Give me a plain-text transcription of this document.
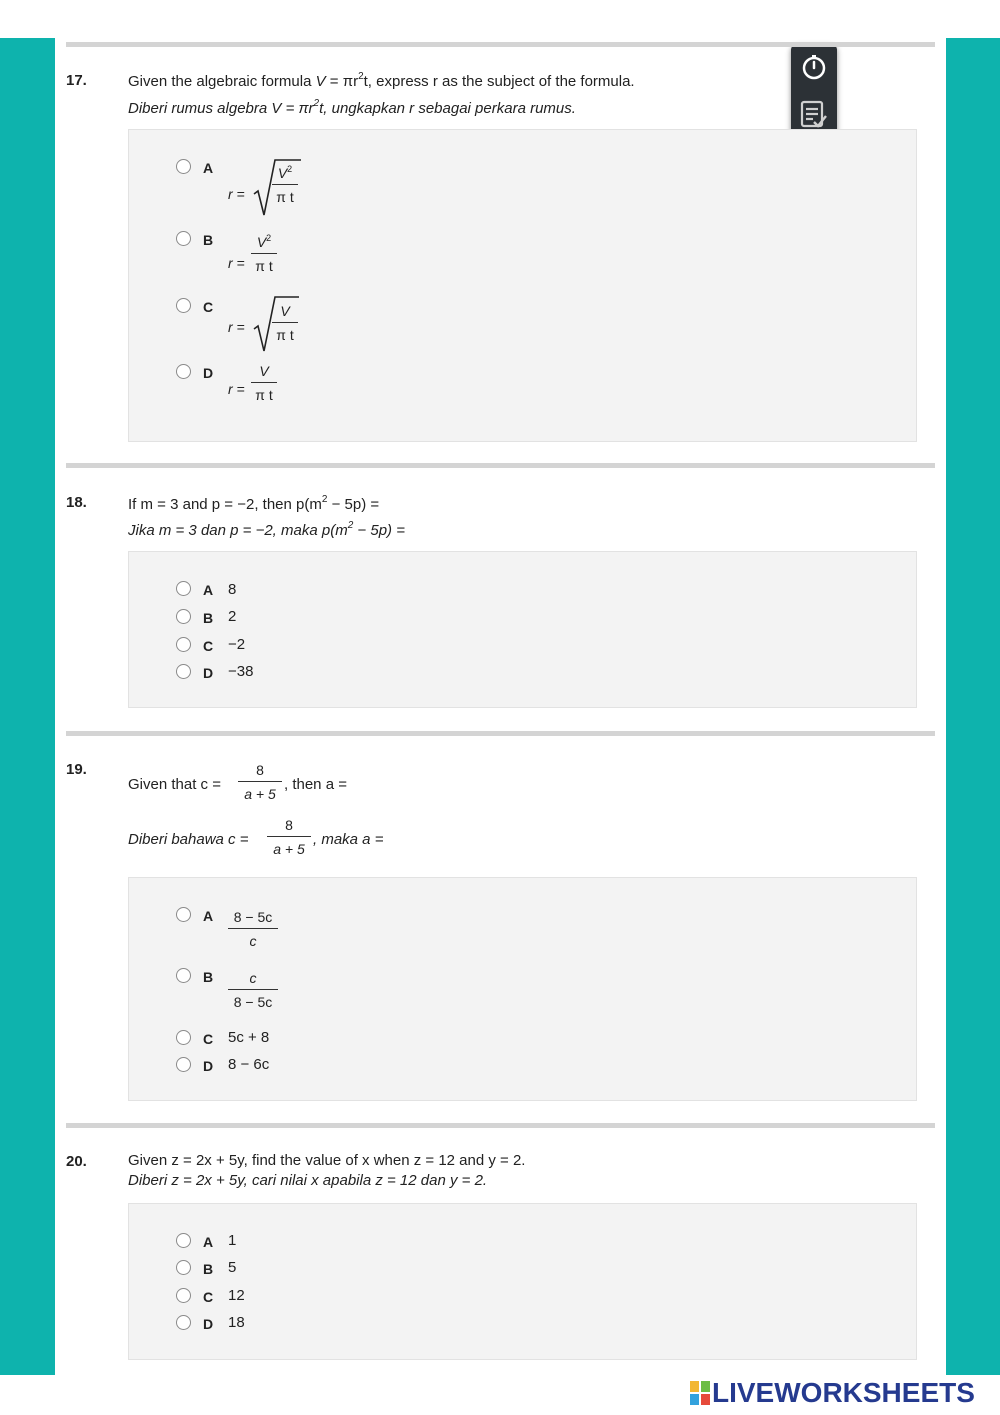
17.	Given the algebraic formula $V = \pi r^2t$, express r as the subject of the formula.
Diberi rumus algebra $V = \pi r^2t$, ungkapkan r sebagai perkara rumus.
A
r =
$V^2$
π t
B
r =
$V^2$
π t
C
r =
V
π t
D
r =
V
π t
18.	If m = 3 and p = −2, then $p(m^2 - 5p)$ =
Jika m = 3 dan p = −2, maka $p(m^2 - 5p)$ =
A 8
B 2
C −2
D −38
19.
Given that c =
8
a + 5
, then a =
Diberi bahawa c =
8
a + 5
, maka a =
A	8 − 5c
c
B	c
8 − 5c
C 5c + 8
D 8 − 6c
20.	Given z = 2x + 5y, find the value of x when z = 12 and y = 2.
Diberi z = 2x + 5y, cari nilai x apabila z = 12 dan y = 2.
A 1
B 5
C 12
D 18
LIVEWORKSHEETS
